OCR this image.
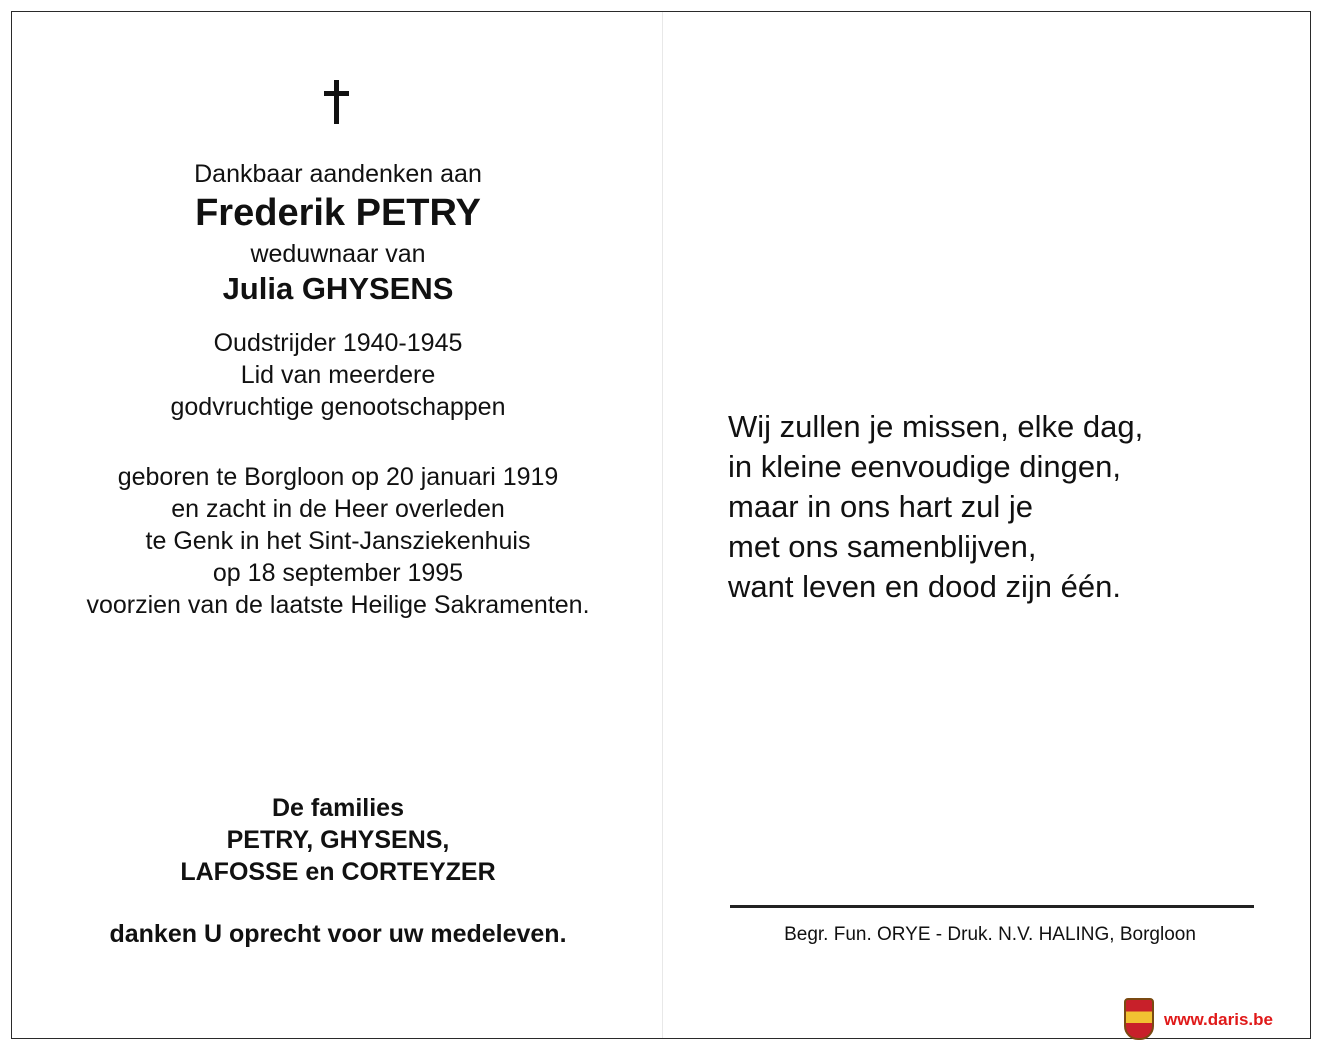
Dankbaar aandenken aan
Frederik PETRY
weduwnaar van
Julia GHYSENS
Oudstrijder 1940-1945
Lid van meerdere
godvruchtige genootschappen
geboren te Borgloon op 20 januari 1919
en zacht in de Heer overleden
te Genk in het Sint-Jansziekenhuis
op 18 september 1995
voorzien van de laatste Heilige Sakramenten.
De families
PETRY, GHYSENS,
LAFOSSE en CORTEYZER
danken U oprecht voor uw medeleven.
Wij zullen je missen, elke dag,
in kleine eenvoudige dingen,
maar in ons hart zul je
met ons samenblijven,
want leven en dood zijn één.
Begr. Fun. ORYE - Druk. N.V. HALING, Borgloon
www.daris.be
